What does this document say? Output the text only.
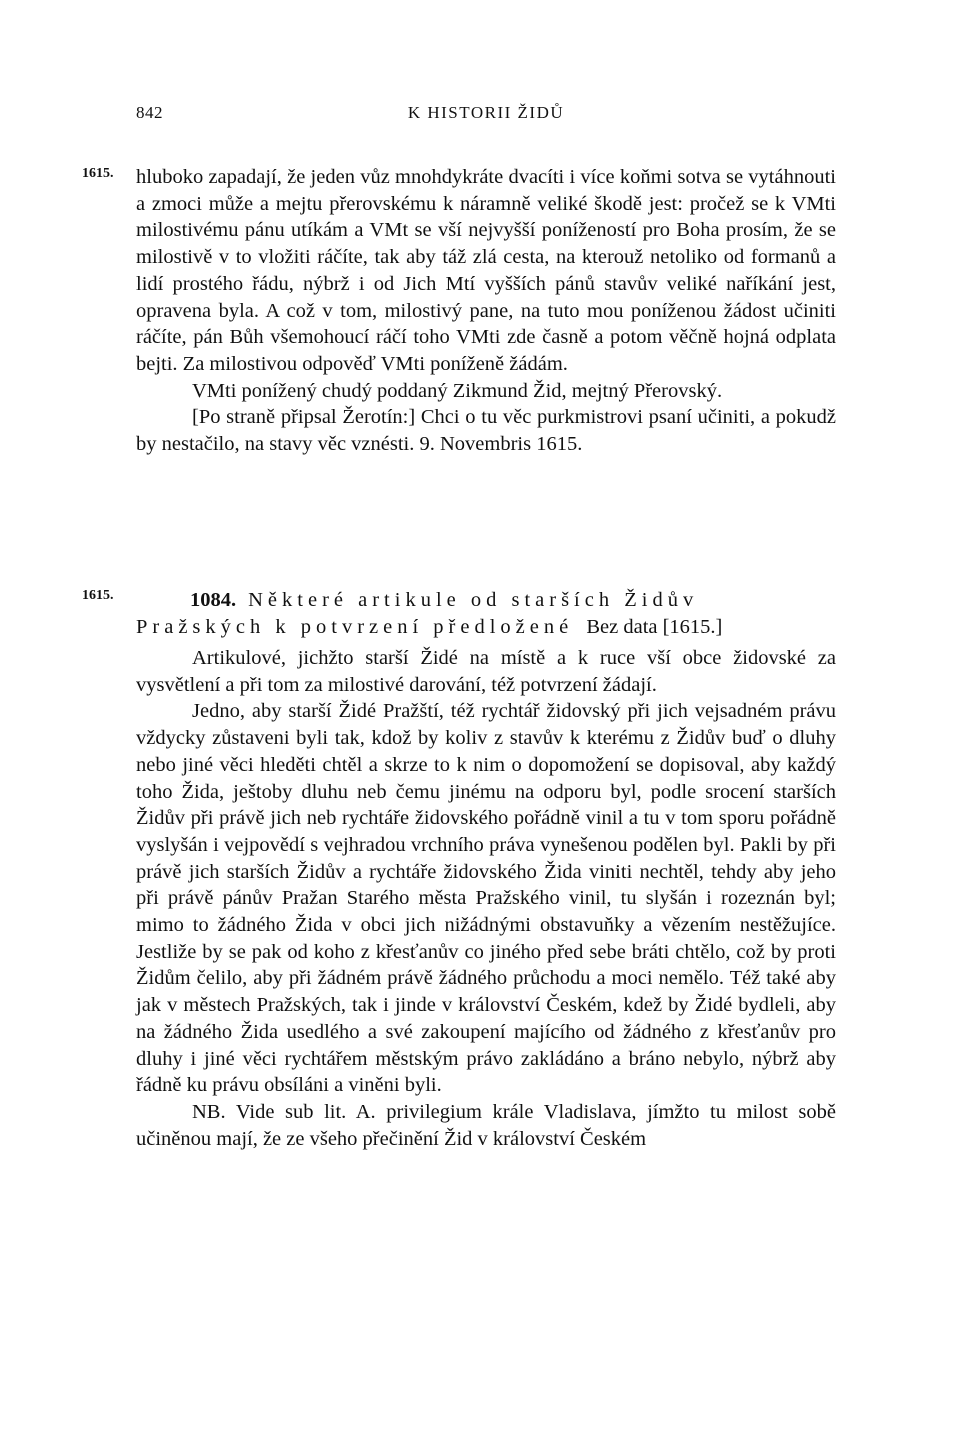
842	K HISTORII ŽIDŮ
1615. hluboko zapadají, že jeden vůz mnohdykráte dvacíti i více koňmi sotva se vytáhnouti a zmoci může a mejtu přerovskému k náramně veliké škodě jest: pročež se k VMti milostivému pánu utíkám a VMt se vší nejvyšší ponížeností pro Boha prosím, že se milostivě v to vložiti ráčíte, tak aby táž zlá cesta, na kterouž netoliko od formanů a lidí prostého řádu, nýbrž i od Jich Mtí vyšších pánů stavův veliké naříkání jest, opravena byla. A což v tom, milostivý pane, na tuto mou poníženou žádost učiniti ráčíte, pán Bůh všemohoucí ráčí toho VMti zde časně a potom věčně hojná odplata bejti. Za milostivou odpověď VMti poníženě žádám.

VMti ponížený chudý poddaný Zikmund Žid, mejtný Přerovský.

[Po straně připsal Žerotín:] Chci o tu věc purkmistrovi psaní učiniti, a pokudž by nestačilo, na stavy věc vznésti. 9. Novembris 1615.

1615.	1084. Některé artikule od starších Židův Pražských k potvrzení předložené Bez data [1615.]

Artikulové, jichžto starší Židé na místě a k ruce vší obce židovské za vysvětlení a při tom za milostivé darování, též potvrzení žádají.

Jedno, aby starší Židé Pražští, též rychtář židovský při jich vejsadném právu vždycky zůstaveni byli tak, kdož by koliv z stavův k kterému z Židův buď o dluhy nebo jiné věci hleděti chtěl a skrze to k nim o dopomožení se dopisoval, aby každý toho Žida, ještoby dluhu neb čemu jinému na odporu byl, podle srocení starších Židův při právě jich neb rychtáře židovského pořádně vinil a tu v tom sporu pořádně vyslyšán i vejpovědí s vejhradou vrchního práva vynešenou podělen byl. Pakli by při právě jich starších Židův a rychtáře židovského Žida viniti nechtěl, tehdy aby jeho při právě pánův Pražan Starého města Pražského vinil, tu slyšán i rozeznán byl; mimo to žádného Žida v obci jich nižádnými obstavuňky a vězením nestěžujíce. Jestliže by se pak od koho z křesťanův co jiného před sebe bráti chtělo, což by proti Židům čelilo, aby při žádném právě žádného průchodu a moci nemělo. Též také aby jak v městech Pražských, tak i jinde v království Českém, kdež by Židé bydleli, aby na žádného Žida usedlého a své zakoupení majícího od žádného z křesťanův pro dluhy i jiné věci rychtářem městským právo zakládáno a bráno nebylo, nýbrž aby řádně ku právu obsíláni a viněni byli.

NB. Vide sub lit. A. privilegium krále Vladislava, jímžto tu milost sobě učiněnou mají, že ze všeho přečinění Žid v království Českém
